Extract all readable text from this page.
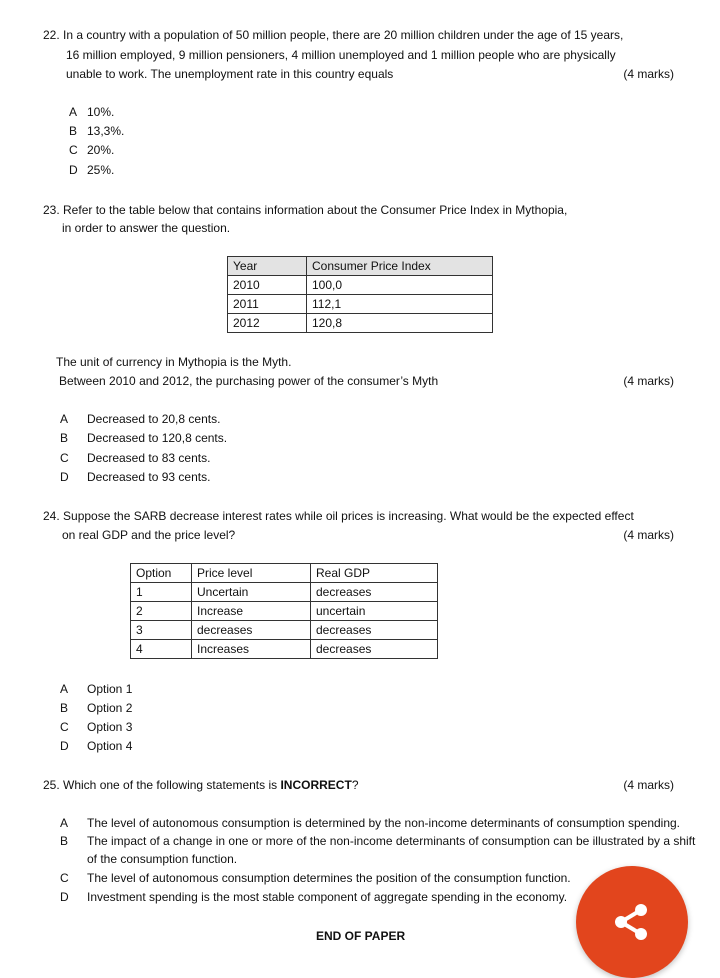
22. In a country with a population of 50 million people, there are 20 million children under the age of 15 years,
16 million employed, 9 million pensioners, 4 million unemployed and 1 million people who are physically
unable to work. The unemployment rate in this country equals	(4 marks)
A 10%.
B 13,3%.
C 20%.
D 25%.
23. Refer to the table below that contains information about the Consumer Price Index in Mythopia,
in order to answer the question.
Year	Consumer Price Index
2010	100,0
2011	112,1
2012	120,8
The unit of currency in Mythopia is the Myth.
Between 2010 and 2012, the purchasing power of the consumer’s Myth	(4 marks)
A	Decreased to 20,8 cents.
B	Decreased to 120,8 cents.
C	Decreased to 83 cents.
D	Decreased to 93 cents.
24. Suppose the SARB decrease interest rates while oil prices is increasing. What would be the expected effect
on real GDP and the price level?	(4 marks)
Option	Price level	Real GDP
1	Uncertain	decreases
2	Increase	uncertain
3	decreases	decreases
4	Increases	decreases
A	Option 1
B	Option 2
C	Option 3
D	Option 4
25. Which one of the following statements is INCORRECT?	(4 marks)
A	The level of autonomous consumption is determined by the non-income determinants of consumption spending.
B	The impact of a change in one or more of the non-income determinants of consumption can be illustrated by a shift
of the consumption function.
C	The level of autonomous consumption determines the position of the consumption function.
D	Investment spending is the most stable component of aggregate spending in the economy.
END OF PAPER
